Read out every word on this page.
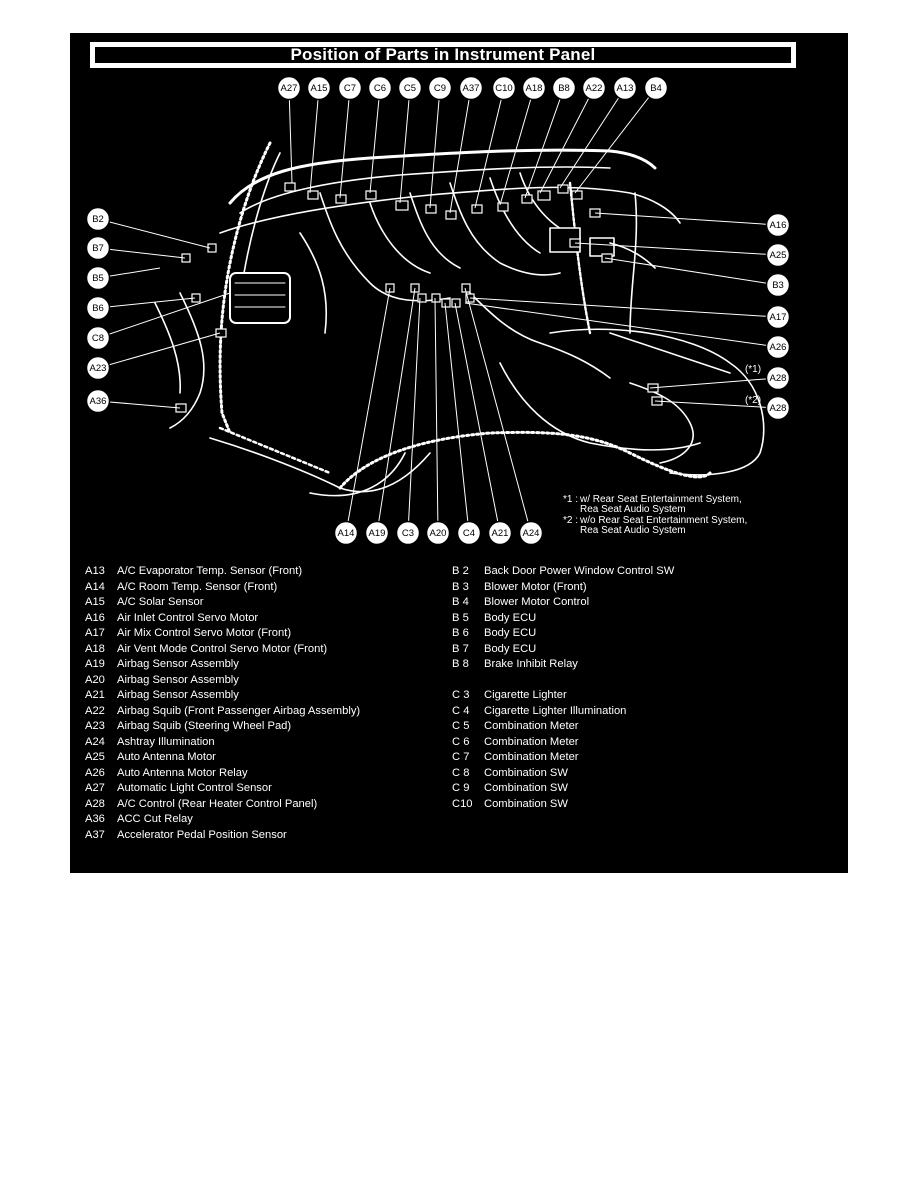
Position of Parts in Instrument Panel
A27 A15 C7 C6 C5 C9 A37 C10 A18 B8 A22 A13 B4
B2
B7
B5
B6
C8
A23
A36
A16
A25
B3
A17
A26
A28
A28
A14 A19 C3 A20 C4 A21 A24
(*1)
(*2)
*1 : w/ Rear Seat Entertainment System,
Rea Seat Audio System
*2 : w/o Rear Seat Entertainment System,
Rea Seat Audio System
A13 A/C Evaporator Temp. Sensor (Front)
A14 A/C Room Temp. Sensor (Front)
A15 A/C Solar Sensor
A16 Air Inlet Control Servo Motor
A17 Air Mix Control Servo Motor (Front)
A18 Air Vent Mode Control Servo Motor (Front)
A19 Airbag Sensor Assembly
A20 Airbag Sensor Assembly
A21 Airbag Sensor Assembly
A22 Airbag Squib (Front Passenger Airbag Assembly)
A23 Airbag Squib (Steering Wheel Pad)
A24 Ashtray Illumination
A25 Auto Antenna Motor
A26 Auto Antenna Motor Relay
A27 Automatic Light Control Sensor
A28 A/C Control (Rear Heater Control Panel)
A36 ACC Cut Relay
A37 Accelerator Pedal Position Sensor
B 2 Back Door Power Window Control SW
B 3 Blower Motor (Front)
B 4 Blower Motor Control
B 5 Body ECU
B 6 Body ECU
B 7 Body ECU
B 8 Brake Inhibit Relay
C 3 Cigarette Lighter
C 4 Cigarette Lighter Illumination
C 5 Combination Meter
C 6 Combination Meter
C 7 Combination Meter
C 8 Combination SW
C 9 Combination SW
C10 Combination SW
